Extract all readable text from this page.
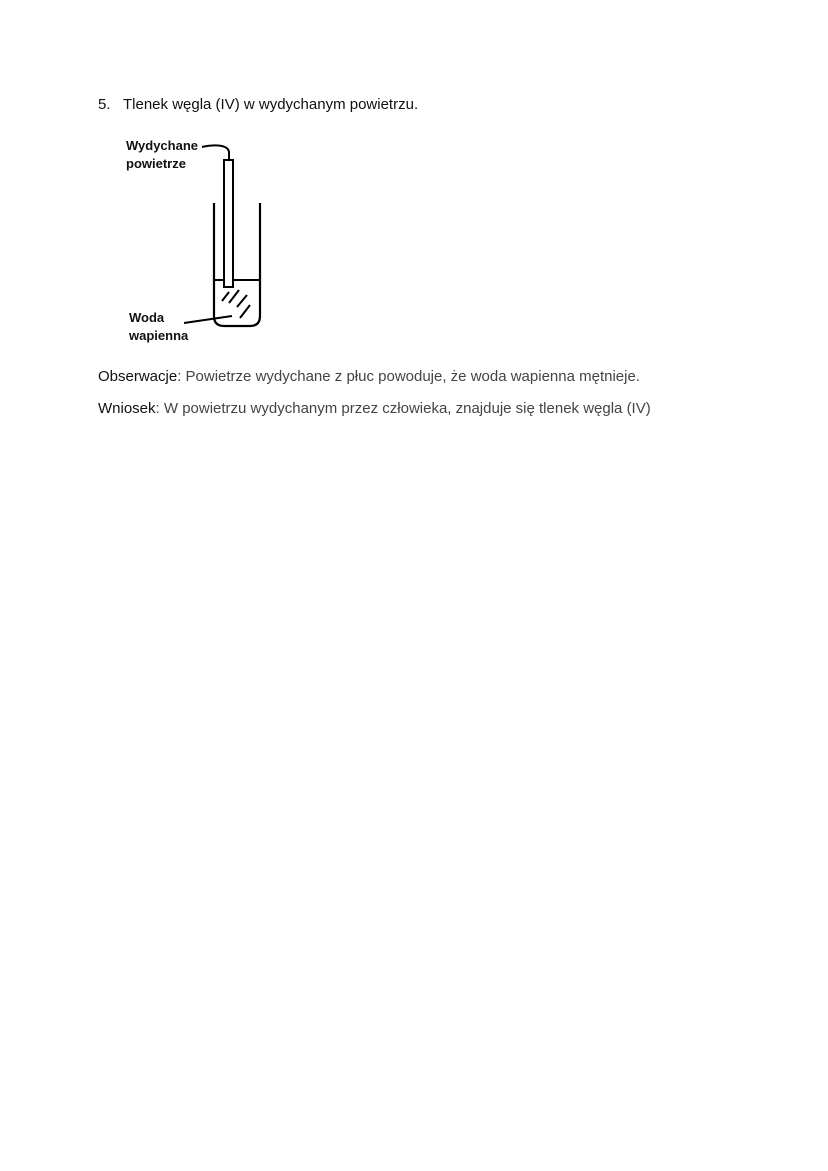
5. Tlenek węgla (IV) w wydychanym powietrzu.
Wydychane
powietrze
Woda
wapienna
Obserwacje: Powietrze wydychane z płuc powoduje, że woda wapienna mętnieje.
Wniosek: W powietrzu wydychanym przez człowieka, znajduje się tlenek węgla (IV)
